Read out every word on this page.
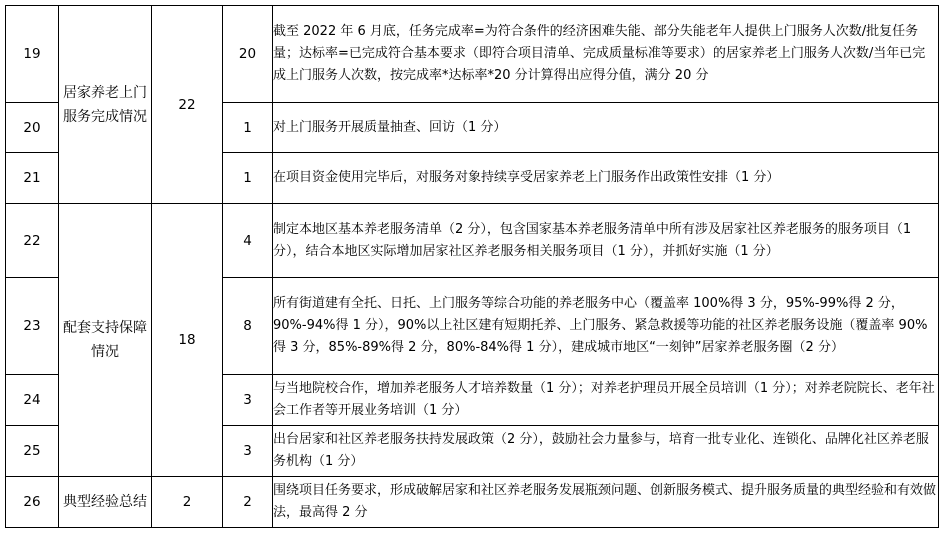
19	居家养老上门服务完成情况	22	20	截至 2022 年 6 月底，任务完成率=为符合条件的经济困难失能、部分失能老年人提供上门服务人次数/批复任务量；达标率=已完成符合基本要求（即符合项目清单、完成质量标准等要求）的居家养老上门服务人次数/当年已完成上门服务人次数，按完成率*达标率*20 分计算得出应得分值，满分 20 分
20			1	对上门服务开展质量抽查、回访（1 分）
21			1	在项目资金使用完毕后，对服务对象持续享受居家养老上门服务作出政策性安排（1 分）
22	配套支持保障情况	18	4	制定本地区基本养老服务清单（2 分），包含国家基本养老服务清单中所有涉及居家社区养老服务的服务项目（1 分），结合本地区实际增加居家社区养老服务相关服务项目（1 分），并抓好实施（1 分）
23			8	所有街道建有全托、日托、上门服务等综合功能的养老服务中心（覆盖率 100%得 3 分，95%-99%得 2 分，90%-94%得 1 分），90%以上社区建有短期托养、上门服务、紧急救援等功能的社区养老服务设施（覆盖率 90%得 3 分，85%-89%得 2 分，80%-84%得 1 分），建成城市地区“一刻钟”居家养老服务圈（2 分）
24			3	与当地院校合作，增加养老服务人才培养数量（1 分）；对养老护理员开展全员培训（1 分）；对养老院院长、老年社会工作者等开展业务培训（1 分）
25			3	出台居家和社区养老服务扶持发展政策（2 分），鼓励社会力量参与，培育一批专业化、连锁化、品牌化社区养老服务机构（1 分）
26	典型经验总结	2	2	围绕项目任务要求，形成破解居家和社区养老服务发展瓶颈问题、创新服务模式、提升服务质量的典型经验和有效做法，最高得 2 分
